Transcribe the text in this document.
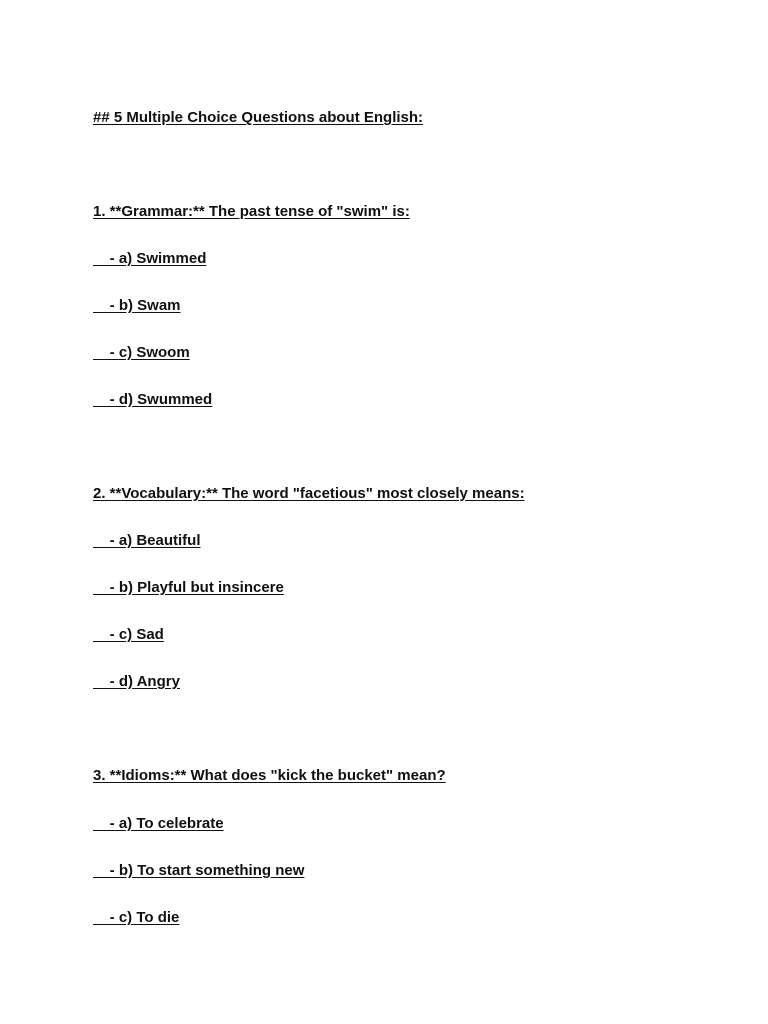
## 5 Multiple Choice Questions about English:

1. **Grammar:** The past tense of "swim" is:

- a) Swimmed

- b) Swam

- c) Swoom

- d) Swummed

2. **Vocabulary:** The word "facetious" most closely means:

- a) Beautiful

- b) Playful but insincere

- c) Sad

- d) Angry

3. **Idioms:** What does "kick the bucket" mean?

- a) To celebrate

- b) To start something new

- c) To die
